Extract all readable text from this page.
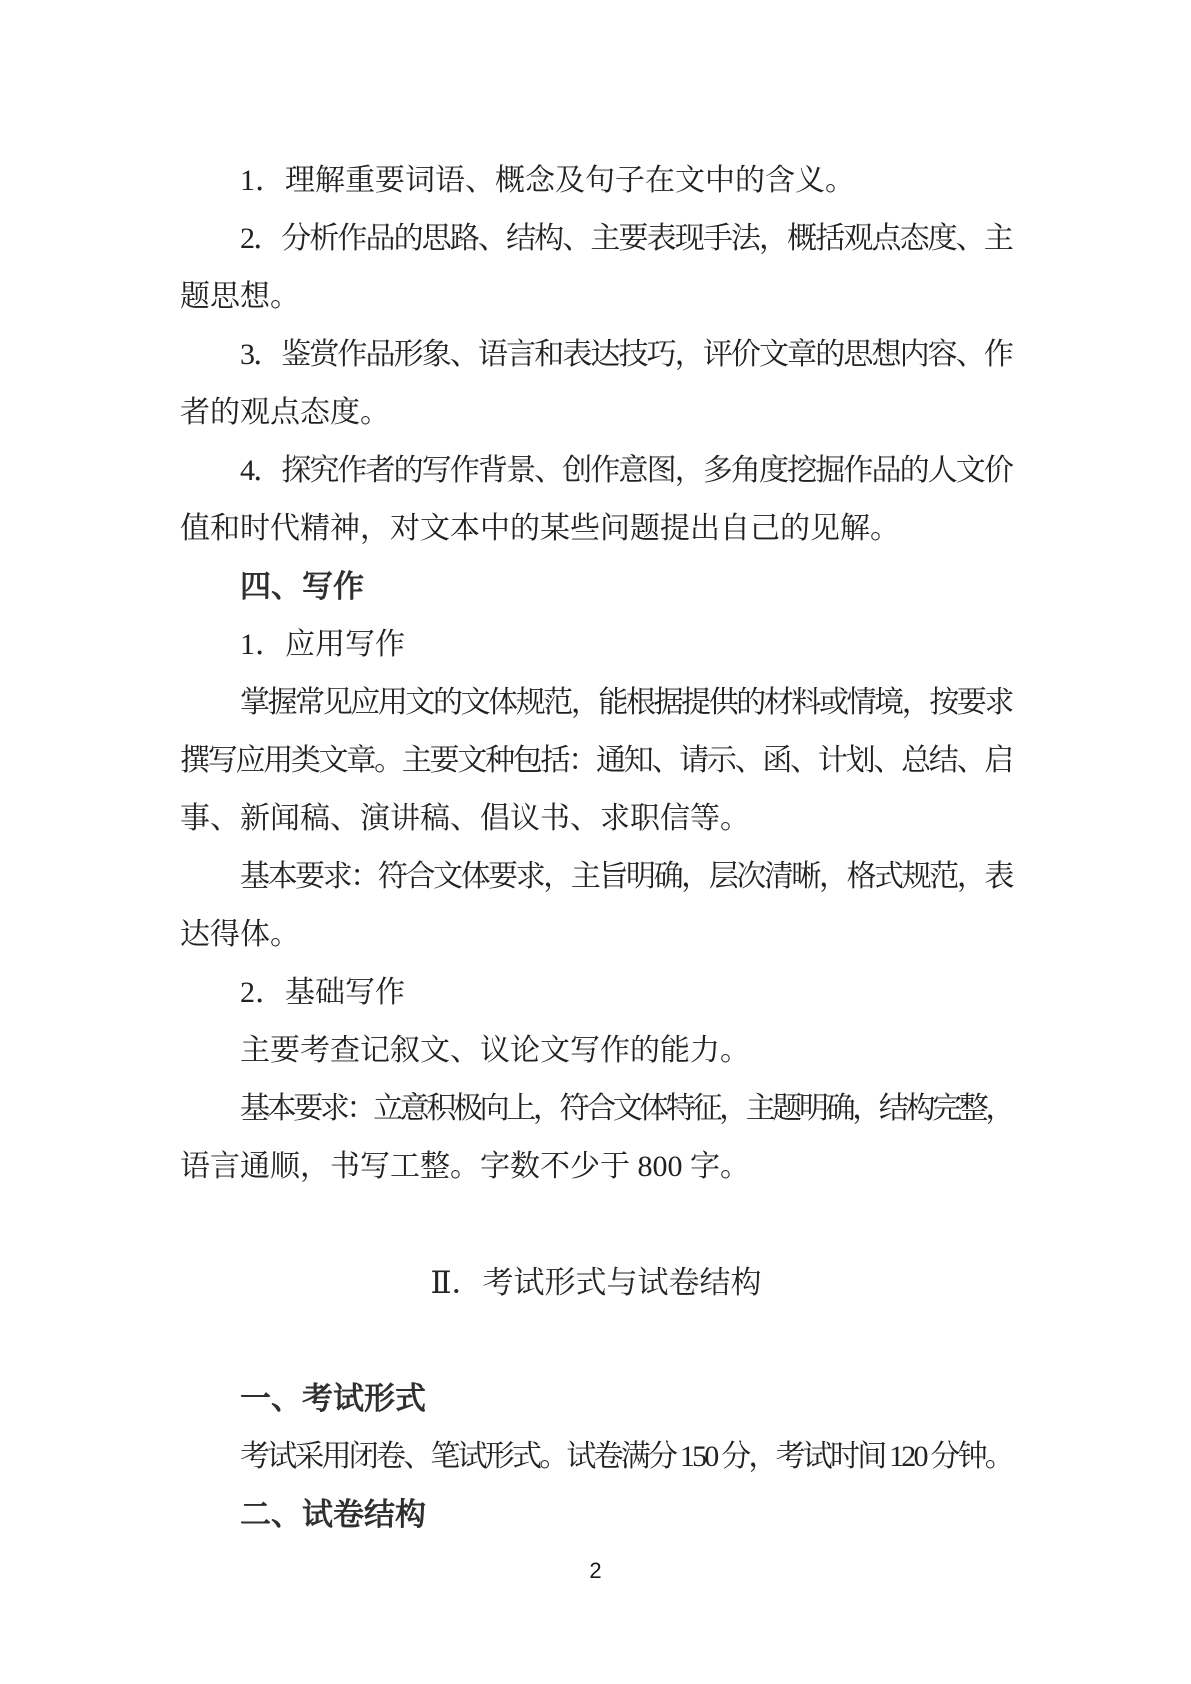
1．理解重要词语、概念及句子在文中的含义。

2．分析作品的思路、结构、主要表现手法，概括观点态度、主

题思想。

3．鉴赏作品形象、语言和表达技巧，评价文章的思想内容、作

者的观点态度。

4．探究作者的写作背景、创作意图，多角度挖掘作品的人文价

值和时代精神，对文本中的某些问题提出自己的见解。

四、写作

1．应用写作

掌握常见应用文的文体规范，能根据提供的材料或情境，按要求

撰写应用类文章。主要文种包括：通知、请示、函、计划、总结、启

事、新闻稿、演讲稿、倡议书、求职信等。

基本要求：符合文体要求，主旨明确，层次清晰，格式规范，表

达得体。

2．基础写作

主要考查记叙文、议论文写作的能力。

基本要求：立意积极向上，符合文体特征，主题明确，结构完整，

语言通顺，书写工整。字数不少于 800 字。

Ⅱ．考试形式与试卷结构

一、考试形式

考试采用闭卷、笔试形式。试卷满分 150 分，考试时间 120 分钟。

二、试卷结构

2
